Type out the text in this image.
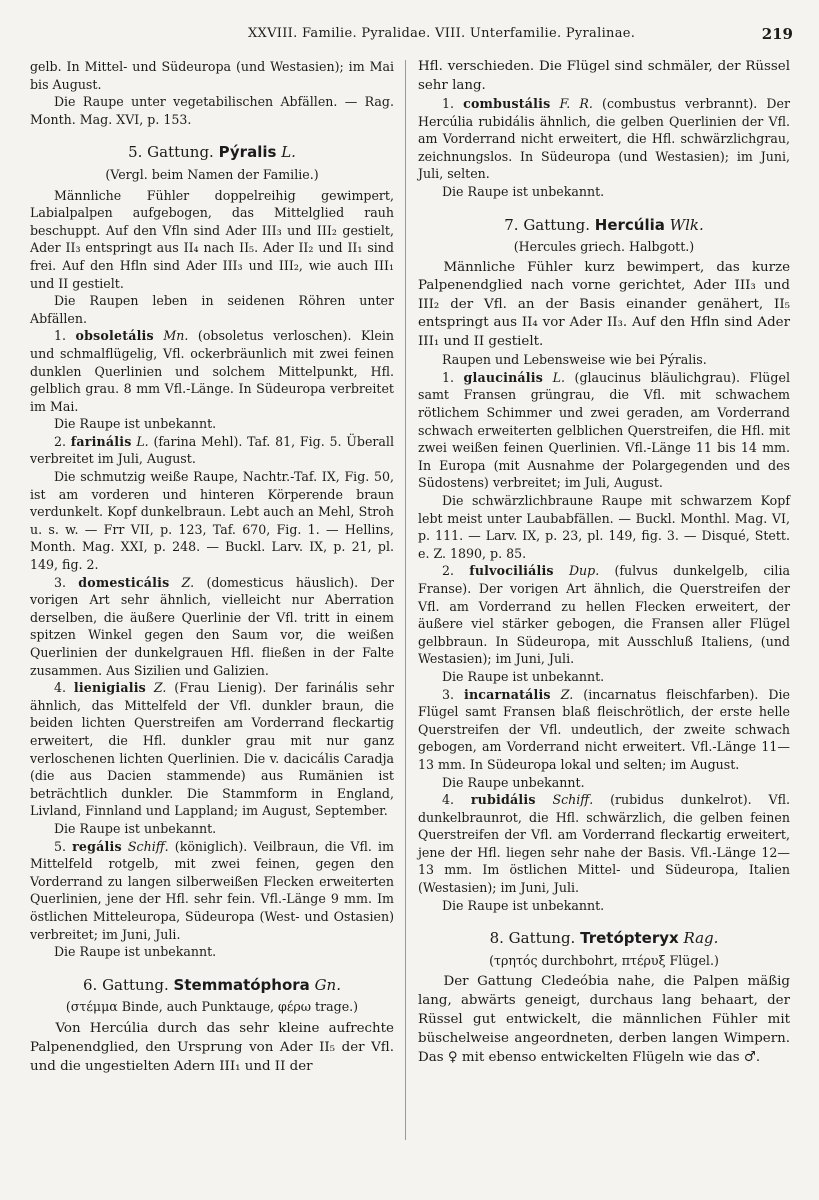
XXVIII. Familie. Pyralidae. VIII. Unterfamilie. Pyralinae.	219

gelb. In Mittel- und Südeuropa (und Westasien); im Mai bis August.

Die Raupe unter vegetabilischen Abfällen. — Rag. Month. Mag. XVI, p. 153.

5. Gattung. Pýralis L.
(Vergl. beim Namen der Familie.)

Männliche Fühler doppelreihig gewimpert, Labialpalpen aufgebogen, das Mittelglied rauh beschuppt. Auf den Vfln sind Ader III₃ und III₂ gestielt, Ader II₃ entspringt aus II₄ nach II₅. Ader II₂ und II₁ sind frei. Auf den Hfln sind Ader III₃ und III₂, wie auch III₁ und II gestielt.

Die Raupen leben in seidenen Röhren unter Abfällen.

1. obsoletális Mn. (obsoletus verloschen). Klein und schmalflügelig, Vfl. ockerbräunlich mit zwei feinen dunklen Querlinien und solchem Mittelpunkt, Hfl. gelblich grau. 8 mm Vfl.-Länge. In Südeuropa verbreitet im Mai.

Die Raupe ist unbekannt.

2. farinális L. (farina Mehl). Taf. 81, Fig. 5. Überall verbreitet im Juli, August.

Die schmutzig weiße Raupe, Nachtr.-Taf. IX, Fig. 50, ist am vorderen und hinteren Körperende braun verdunkelt. Kopf dunkelbraun. Lebt auch an Mehl, Stroh u. s. w. — Frr VII, p. 123, Taf. 670, Fig. 1. — Hellins, Month. Mag. XXI, p. 248. — Buckl. Larv. IX, p. 21, pl. 149, fig. 2.

3. domesticális Z. (domesticus häuslich). Der vorigen Art sehr ähnlich, vielleicht nur Aberration derselben, die äußere Querlinie der Vfl. tritt in einem spitzen Winkel gegen den Saum vor, die weißen Querlinien der dunkelgrauen Hfl. fließen in der Falte zusammen. Aus Sizilien und Galizien.

4. lienigialis Z. (Frau Lienig). Der farinális sehr ähnlich, das Mittelfeld der Vfl. dunkler braun, die beiden lichten Querstreifen am Vorderrand fleckartig erweitert, die Hfl. dunkler grau mit nur ganz verloschenen lichten Querlinien. Die v. dacicális Caradja (die aus Dacien stammende) aus Rumänien ist beträchtlich dunkler. Die Stammform in England, Livland, Finnland und Lappland; im August, September.

Die Raupe ist unbekannt.

5. regális Schiff. (königlich). Veilbraun, die Vfl. im Mittelfeld rotgelb, mit zwei feinen, gegen den Vorderrand zu langen silberweißen Flecken erweiterten Querlinien, jene der Hfl. sehr fein. Vfl.-Länge 9 mm. Im östlichen Mitteleuropa, Südeuropa (West- und Ostasien) verbreitet; im Juni, Juli.

Die Raupe ist unbekannt.

6. Gattung. Stemmatóphora Gn.
(στέμμα Binde, auch Punktauge, φέρω trage.)

Von Hercúlia durch das sehr kleine aufrechte Palpenendglied, den Ursprung von Ader II₅ der Vfl. und die ungestielten Adern III₁ und II der

Hfl. verschieden. Die Flügel sind schmäler, der Rüssel sehr lang.

1. combustális F. R. (combustus verbrannt). Der Hercúlia rubidális ähnlich, die gelben Querlinien der Vfl. am Vorderrand nicht erweitert, die Hfl. schwärzlichgrau, zeichnungslos. In Südeuropa (und Westasien); im Juni, Juli, selten.

Die Raupe ist unbekannt.

7. Gattung. Hercúlia Wlk.
(Hercules griech. Halbgott.)

Männliche Fühler kurz bewimpert, das kurze Palpenendglied nach vorne gerichtet, Ader III₃ und III₂ der Vfl. an der Basis einander genähert, II₅ entspringt aus II₄ vor Ader II₃. Auf den Hfln sind Ader III₁ und II gestielt.

Raupen und Lebensweise wie bei Pýralis.

1. glaucinális L. (glaucinus bläulichgrau). Flügel samt Fransen grüngrau, die Vfl. mit schwachem rötlichem Schimmer und zwei geraden, am Vorderrand schwach erweiterten gelblichen Querstreifen, die Hfl. mit zwei weißen feinen Querlinien. Vfl.-Länge 11 bis 14 mm. In Europa (mit Ausnahme der Polargegenden und des Südostens) verbreitet; im Juli, August.

Die schwärzlichbraune Raupe mit schwarzem Kopf lebt meist unter Laubabfällen. — Buckl. Monthl. Mag. VI, p. 111. — Larv. IX, p. 23, pl. 149, fig. 3. — Disqué, Stett. e. Z. 1890, p. 85.

2. fulvociliális Dup. (fulvus dunkelgelb, cilia Franse). Der vorigen Art ähnlich, die Querstreifen der Vfl. am Vorderrand zu hellen Flecken erweitert, der äußere viel stärker gebogen, die Fransen aller Flügel gelbbraun. In Südeuropa, mit Ausschluß Italiens, (und Westasien); im Juni, Juli.

Die Raupe ist unbekannt.

3. incarnatális Z. (incarnatus fleischfarben). Die Flügel samt Fransen blaß fleischrötlich, der erste helle Querstreifen der Vfl. undeutlich, der zweite schwach gebogen, am Vorderrand nicht erweitert. Vfl.-Länge 11—13 mm. In Südeuropa lokal und selten; im August.

Die Raupe unbekannt.

4. rubidális Schiff. (rubidus dunkelrot). Vfl. dunkelbraunrot, die Hfl. schwärzlich, die gelben feinen Querstreifen der Vfl. am Vorderrand fleckartig erweitert, jene der Hfl. liegen sehr nahe der Basis. Vfl.-Länge 12—13 mm. Im östlichen Mittel- und Südeuropa, Italien (Westasien); im Juni, Juli.

Die Raupe ist unbekannt.

8. Gattung. Tretópteryx Rag.
(τρητός durchbohrt, πτέρυξ Flügel.)

Der Gattung Cledeóbia nahe, die Palpen mäßig lang, abwärts geneigt, durchaus lang behaart, der Rüssel gut entwickelt, die männlichen Fühler mit büschelweise angeordneten, derben langen Wimpern. Das ♀ mit ebenso entwickelten Flügeln wie das ♂.
